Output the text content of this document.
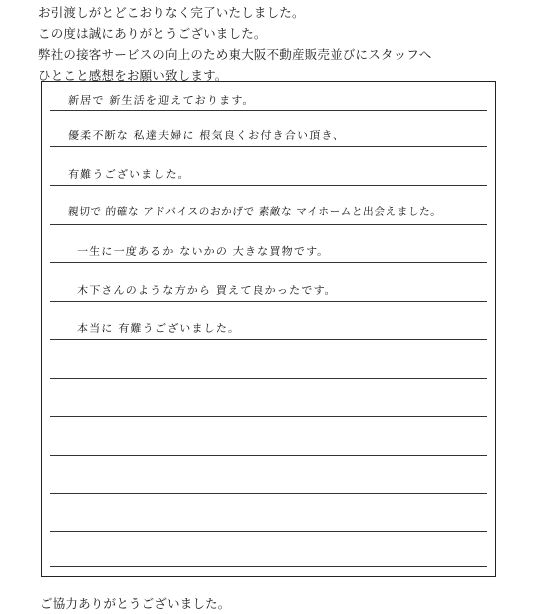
お引渡しがとどこおりなく完了いたしました。
この度は誠にありがとうございました。
弊社の接客サービスの向上のため東大阪不動産販売並びにスタッフへ
ひとこと感想をお願い致します。
新居で 新生活を迎えております。
優柔不断な 私達夫婦に 根気良くお付き合い頂き、
有難うございました。
親切で 的確な アドバイスのおかげで 素敵な マイホームと出会えました。
一生に一度あるか ないかの 大きな買物です。
木下さんのような方から 買えて良かったです。
本当に 有難うございました。
ご協力ありがとうございました。
